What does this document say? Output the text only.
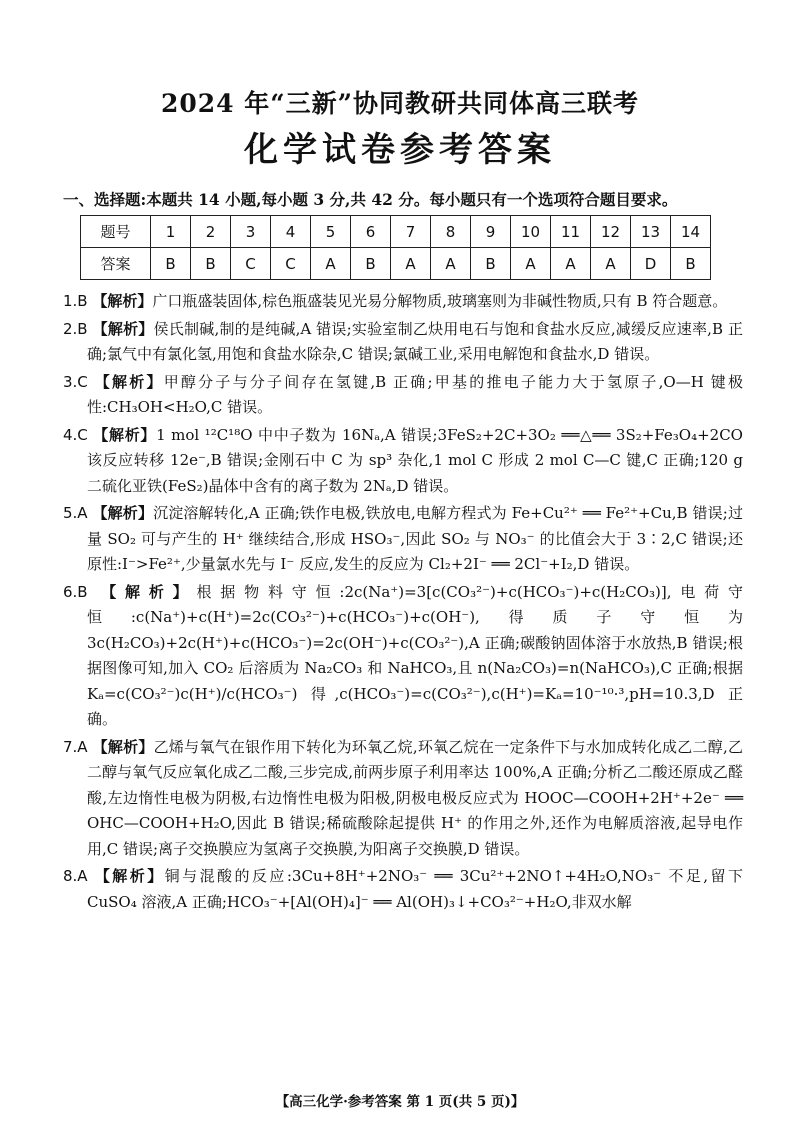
2024 年“三新”协同教研共同体高三联考
化学试卷参考答案

一、选择题:本题共 14 小题,每小题 3 分,共 42 分。每小题只有一个选项符合题目要求。

题号	1	2	3	4	5	6	7	8	9	10	11	12	13	14
答案	B	B	C	C	A	B	A	A	B	A	A	A	D	B

1.B 【解析】广口瓶盛装固体,棕色瓶盛装见光易分解物质,玻璃塞则为非碱性物质,只有 B 符合题意。

2.B 【解析】侯氏制碱,制的是纯碱,A 错误;实验室制乙炔用电石与饱和食盐水反应,减缓反应速率,B 正确;氯气中有氯化氢,用饱和食盐水除杂,C 错误;氯碱工业,采用电解饱和食盐水,D 错误。

3.C 【解析】甲醇分子与分子间存在氢键,B 正确;甲基的推电子能力大于氢原子,O—H 键极性:CH₃OH<H₂O,C 错误。

4.C 【解析】1 mol ¹²C¹⁸O 中中子数为 16Nₐ,A 错误;3FeS₂+2C+3O₂ ══△══ 3S₂+Fe₃O₄+2CO 该反应转移 12e⁻,B 错误;金刚石中 C 为 sp³ 杂化,1 mol C 形成 2 mol C—C 键,C 正确;120 g 二硫化亚铁(FeS₂)晶体中含有的离子数为 2Nₐ,D 错误。

5.A 【解析】沉淀溶解转化,A 正确;铁作电极,铁放电,电解方程式为 Fe+Cu²⁺ ══ Fe²⁺+Cu,B 错误;过量 SO₂ 可与产生的 H⁺ 继续结合,形成 HSO₃⁻,因此 SO₂ 与 NO₃⁻ 的比值会大于 3∶2,C 错误;还原性:I⁻>Fe²⁺,少量氯水先与 I⁻ 反应,发生的反应为 Cl₂+2I⁻ ══ 2Cl⁻+I₂,D 错误。

6.B 【解析】根据物料守恒:2c(Na⁺)=3[c(CO₃²⁻)+c(HCO₃⁻)+c(H₂CO₃)],电荷守恒:c(Na⁺)+c(H⁺)=2c(CO₃²⁻)+c(HCO₃⁻)+c(OH⁻),得质子守恒为 3c(H₂CO₃)+2c(H⁺)+c(HCO₃⁻)=2c(OH⁻)+c(CO₃²⁻),A 正确;碳酸钠固体溶于水放热,B 错误;根据图像可知,加入 CO₂ 后溶质为 Na₂CO₃ 和 NaHCO₃,且 n(Na₂CO₃)=n(NaHCO₃),C 正确;根据 Kₐ=c(CO₃²⁻)c(H⁺)/c(HCO₃⁻) 得,c(HCO₃⁻)=c(CO₃²⁻),c(H⁺)=Kₐ=10⁻¹⁰·³,pH=10.3,D 正确。

7.A 【解析】乙烯与氧气在银作用下转化为环氧乙烷,环氧乙烷在一定条件下与水加成转化成乙二醇,乙二醇与氧气反应氧化成乙二酸,三步完成,前两步原子利用率达 100%,A 正确;分析乙二酸还原成乙醛酸,左边惰性电极为阴极,右边惰性电极为阳极,阴极电极反应式为 HOOC—COOH+2H⁺+2e⁻ ══ OHC—COOH+H₂O,因此 B 错误;稀硫酸除起提供 H⁺ 的作用之外,还作为电解质溶液,起导电作用,C 错误;离子交换膜应为氢离子交换膜,为阳离子交换膜,D 错误。

8.A 【解析】铜与混酸的反应:3Cu+8H⁺+2NO₃⁻ ══ 3Cu²⁺+2NO↑+4H₂O,NO₃⁻ 不足,留下 CuSO₄ 溶液,A 正确;HCO₃⁻+[Al(OH)₄]⁻ ══ Al(OH)₃↓+CO₃²⁻+H₂O,非双水解

【高三化学·参考答案 第 1 页(共 5 页)】
